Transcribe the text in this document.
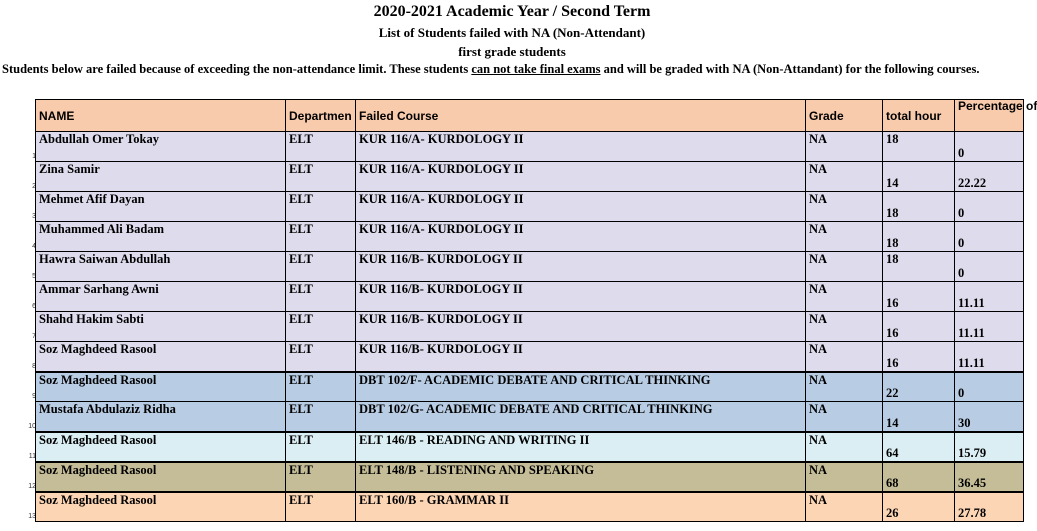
2020-2021 Academic Year / Second Term
List of Students failed with NA (Non-Attendant)
first grade students
Students below are failed because of exceeding the non-attendance limit. These students can not take final exams and will be graded with NA (Non-Attandant) for the following courses.
1
2
3
4
5
6
7
8
9
10
11
12
13
NAME	Departmen	Failed Course	Grade	total hour	Percentage of
Abdullah Omer Tokay	ELT	KUR 116/A- KURDOLOGY II	NA	18	0
Zina Samir	ELT	KUR 116/A- KURDOLOGY II	NA	14	22.22
Mehmet Afif Dayan	ELT	KUR 116/A- KURDOLOGY II	NA	18	0
Muhammed Ali Badam	ELT	KUR 116/A- KURDOLOGY II	NA	18	0
Hawra Saiwan Abdullah	ELT	KUR 116/B- KURDOLOGY II	NA	18	0
Ammar Sarhang Awni	ELT	KUR 116/B- KURDOLOGY II	NA	16	11.11
Shahd Hakim Sabti	ELT	KUR 116/B- KURDOLOGY II	NA	16	11.11
Soz Maghdeed Rasool	ELT	KUR 116/B- KURDOLOGY II	NA	16	11.11
Soz Maghdeed Rasool	ELT	DBT 102/F- ACADEMIC DEBATE AND CRITICAL THINKING	NA	22	0
Mustafa Abdulaziz Ridha	ELT	DBT 102/G- ACADEMIC DEBATE AND CRITICAL THINKING	NA	14	30
Soz Maghdeed Rasool	ELT	ELT 146/B - READING AND WRITING II	NA	64	15.79
Soz Maghdeed Rasool	ELT	ELT 148/B - LISTENING AND SPEAKING	NA	68	36.45
Soz Maghdeed Rasool	ELT	ELT 160/B - GRAMMAR II	NA	26	27.78
